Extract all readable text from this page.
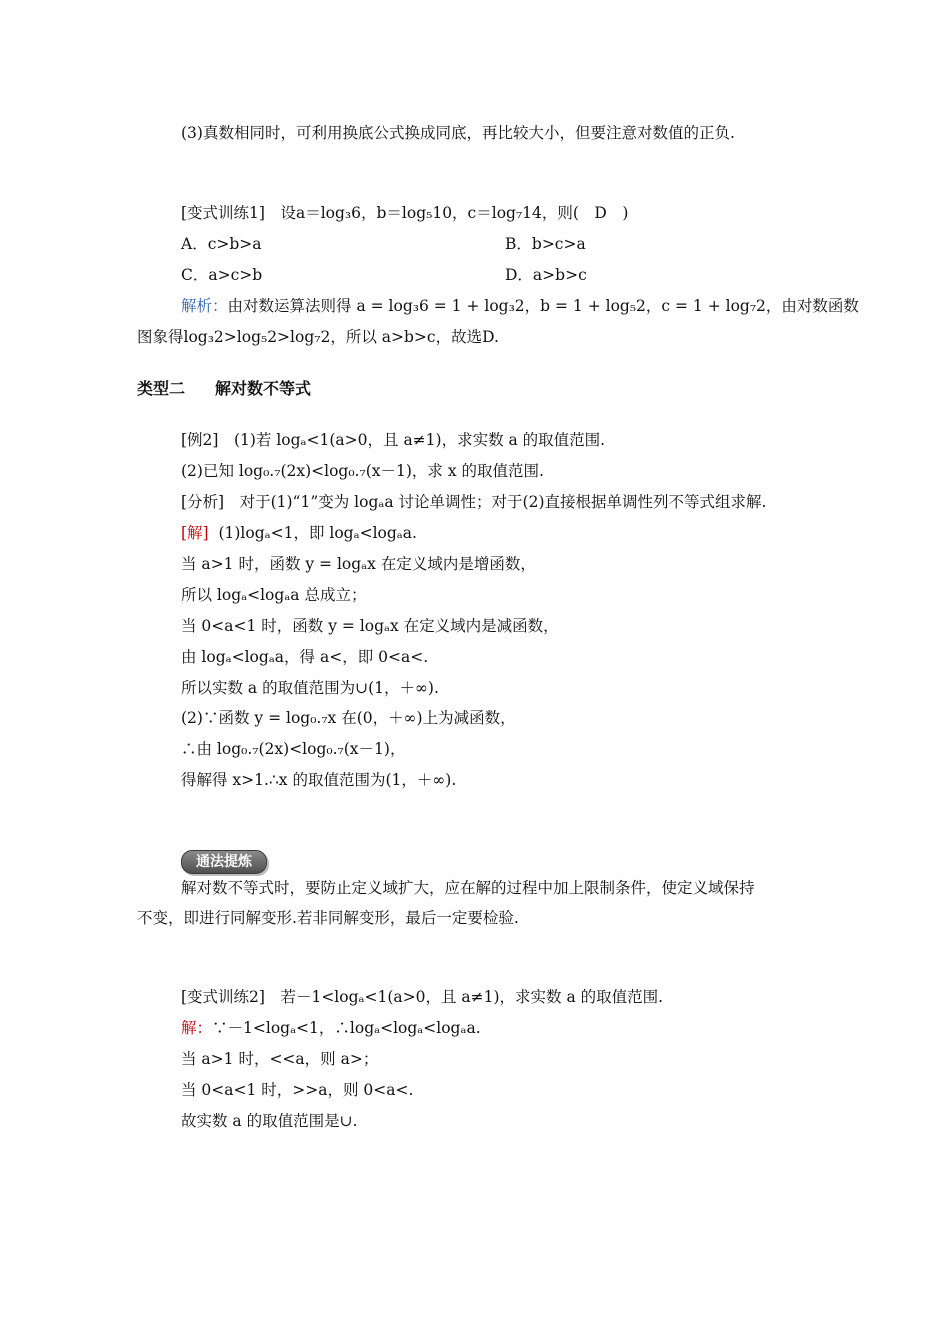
(3)真数相同时，可利用换底公式换成同底，再比较大小，但要注意对数值的正负.
[变式训练1]　设a＝log₃6，b＝log₅10，c＝log₇14，则(　D　)
A．c>b>a	B．b>c>a
C．a>c>b	D．a>b>c
解析：由对数运算法则得 a = log₃6 = 1 + log₃2，b = 1 + log₅2，c = 1 + log₇2，由对数函数
图象得log₃2>log₅2>log₇2，所以 a>b>c，故选D.
类型二 解对数不等式
[例2]　(1)若 logₐ<1(a>0，且 a≠1)，求实数 a 的取值范围.
(2)已知 log₀.₇(2x)<log₀.₇(x－1)，求 x 的取值范围.
[分析]　对于(1)“1”变为 logₐa 讨论单调性；对于(2)直接根据单调性列不等式组求解.
[解] (1)logₐ<1，即 logₐ<logₐa.
当 a>1 时，函数 y = logₐx 在定义域内是增函数，
所以 logₐ<logₐa 总成立；
当 0<a<1 时，函数 y = logₐx 在定义域内是减函数，
由 logₐ<logₐa，得 a<，即 0<a<.
所以实数 a 的取值范围为∪(1，＋∞).
(2)∵函数 y = log₀.₇x 在(0，＋∞)上为减函数，
∴由 log₀.₇(2x)<log₀.₇(x－1)，
得解得 x>1.∴x 的取值范围为(1，＋∞).
通法提炼
解对数不等式时，要防止定义域扩大，应在解的过程中加上限制条件，使定义域保持
不变，即进行同解变形.若非同解变形，最后一定要检验.
[变式训练2]　若－1<logₐ<1(a>0，且 a≠1)，求实数 a 的取值范围.
解：∵－1<logₐ<1，∴logₐ<logₐ<logₐa.
当 a>1 时，<<a，则 a>；
当 0<a<1 时，>>a，则 0<a<.
故实数 a 的取值范围是∪.
